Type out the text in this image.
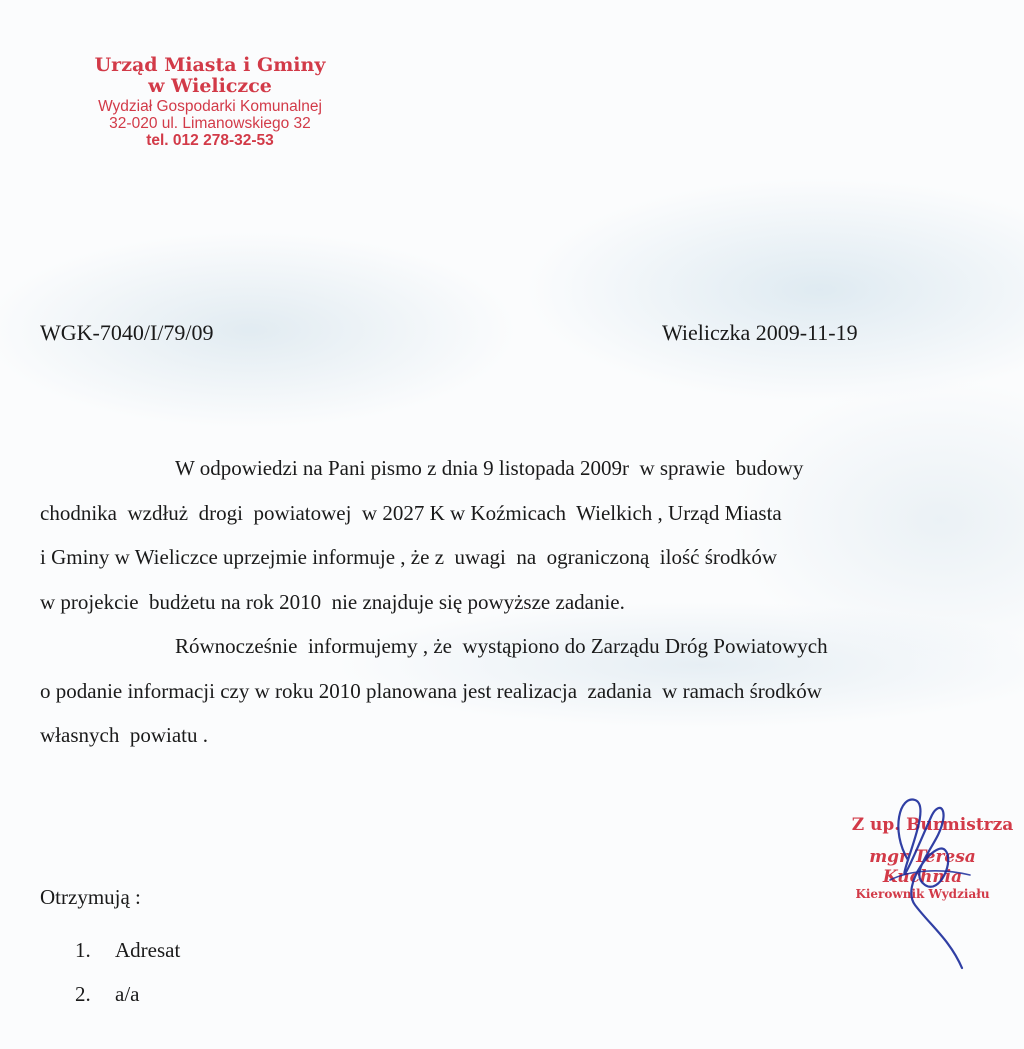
Urząd Miasta i Gminy
w Wieliczce
Wydział Gospodarki Komunalnej
32-020 ul. Limanowskiego 32
tel. 012 278-32-53
WGK-7040/I/79/09	Wieliczka 2009-11-19
W odpowiedzi na Pani pismo z dnia 9 listopada 2009r  w sprawie  budowy
chodnika  wzdłuż  drogi  powiatowej  w 2027 K w Koźmicach  Wielkich , Urząd Miasta
i Gminy w Wieliczce uprzejmie informuje , że z  uwagi  na  ograniczoną  ilość środków
w projekcie  budżetu na rok 2010  nie znajduje się powyższe zadanie.
Równocześnie  informujemy , że  wystąpiono do Zarządu Dróg Powiatowych
o podanie informacji czy w roku 2010 planowana jest realizacja  zadania  w ramach środków
własnych  powiatu .
Otrzymują :
1. Adresat
2. a/a
Z up. Burmistrza
mgr Teresa Kuchnia
Kierownik Wydziału
